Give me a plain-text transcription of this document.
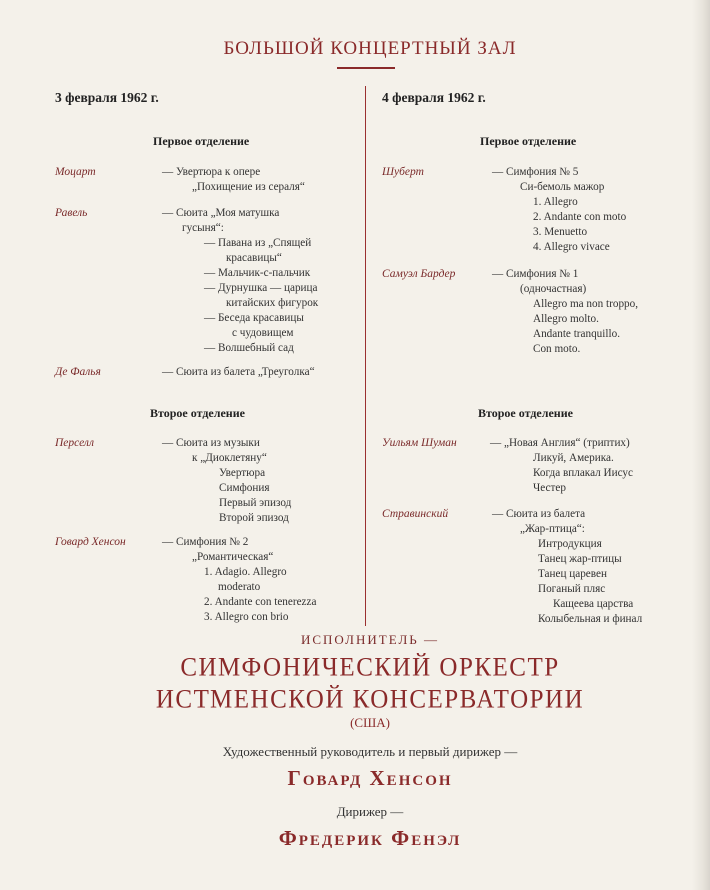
БОЛЬШОЙ КОНЦЕРТНЫЙ ЗАЛ
3 февраля 1962 г.
Первое отделение
Моцарт	— Увертюра к опере
„Похищение из сераля“
Равель	— Сюита „Моя матушка
гусыня“:
— Павана из „Спящей
красавицы“
— Мальчик-с-пальчик
— Дурнушка — царица
китайских фигурок
— Беседа красавицы
с чудовищем
— Волшебный сад
Де Фалья	— Сюита из балета „Треуголка“
Второе отделение
Перселл	— Сюита из музыки
к „Диоклетяну“
Увертюра
Симфония
Первый эпизод
Второй эпизод
Говард Хенсон	— Симфония № 2
„Романтическая“
1. Adagio. Allegro
moderato
2. Andante con tenerezza
3. Allegro con brio
4 февраля 1962 г.
Первое отделение
Шуберт	— Симфония № 5
Си-бемоль мажор
1. Allegro
2. Andante con moto
3. Menuetto
4. Allegro vivace
Самуэл Бардер	— Симфония № 1
(одночастная)
Allegro ma non troppo,
Allegro molto.
Andante tranquillo.
Con moto.
Второе отделение
Уильям Шуман	— „Новая Англия“ (триптих)
Ликуй, Америка.
Когда вплакал Иисус
Честер
Стравинский	— Сюита из балета
„Жар-птица“:
Интродукция
Танец жар-птицы
Танец царевен
Поганый пляс
Кащеева царства
Колыбельная и финал
ИСПОЛНИТЕЛЬ —
СИМФОНИЧЕСКИЙ ОРКЕСТР
ИСТМЕНСКОЙ КОНСЕРВАТОРИИ
(США)
Художественный руководитель и первый дирижер —
Говард Хенсон
Дирижер —
Фредерик Фенэл
